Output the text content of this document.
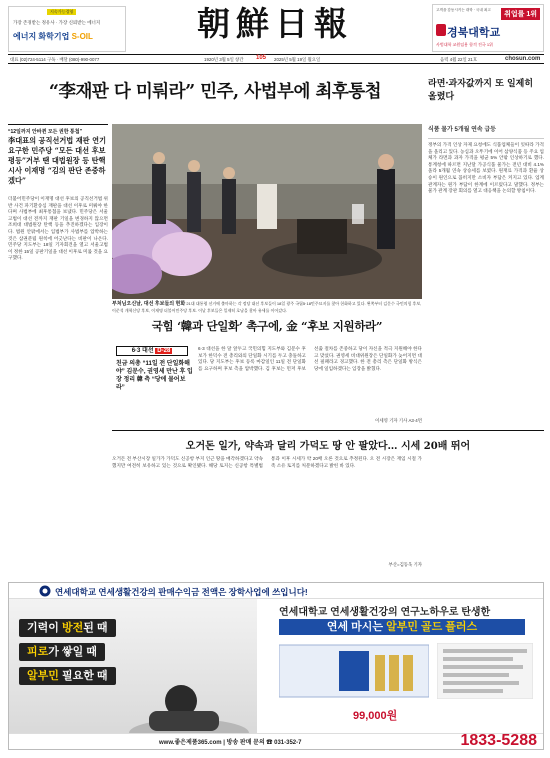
지속가능경영
가장 존경받는 정유사 · 가장 신뢰받는 에너지
에너지 화학기업 S-OIL	朝鮮日報	고객을 감동시키는 대학 · 국내 최고
취업률 1위
경북대학교
사범대학 교원임용 합격 전국 1위
대표 (02)724-5114 구독 · 배달 (080)-990-0077	1920년 3월 5일 창간 105 2025년 5월 19일 월요일	음력 4월 22일 21호	chosun.com
“李재판 다 미뤄라” 민주, 사법부에 최후통첩
“12일까지 안바뀐 모든 권한 통첩”
李대표의 공직선거법 재판 연기 요구한 민주당 “모든 대선 후보 평등”거부 땐 대법원장 등 탄핵 시사 이재명 “김의 판단 존중하겠다”
더불어민주당이 이재명 대선 후보의 공직선거법 위반 사건 파기환송심 재판을 대선 이후로 미뤄야 한다며 사법부에 최후통첩을 보냈다. 민주당은 서울고법이 대선 전까지 재판 기일을 변경하지 않으면 조희대 대법원장 탄핵 등을 추진하겠다는 입장이다. 법원 안팎에서는 입법부가 사법부를 압박하는 것은 삼권분립 원칙에 어긋난다는 비판이 나온다. 민주당 지도부는 18일 기자회견을 열고 서울고법이 정한 15일 공판기일을 대선 이후로 미룰 것을 요구했다.
부처님오신날, 대선 후보들의 현화 21대 대통령 선거에 출마하는 각 정당 대선 후보들이 18일 광주 국립5·18민주묘지를 찾아 헌화하고 있다. 왼쪽부터 김문수 국민의힘 후보, 이준석 개혁신당 후보, 이재명 더불어민주당 후보. 이날 후보들은 일제히 호남을 찾아 유세를 이어갔다.
라면·과자값까지 또 일제히 올렸다
식품 물가 5개월 연속 급등
정부의 가격 인상 자제 요청에도 식품업체들이 잇따라 가격을 올리고 있다. 농심과 오뚜기에 이어 삼양식품 등 주요 업체가 라면과 과자 가격을 평균 5% 안팎 인상하기로 했다. 통계청에 따르면 지난달 가공식품 물가는 전년 대비 4.1% 올라 5개월 연속 상승세를 보였다. 원재료 가격과 환율 상승이 원인으로 꼽히지만 소비자 부담은 커지고 있다. 업계 관계자는 원가 부담이 한계에 이르렀다고 말했다. 정부는 물가 관계 장관 회의를 열고 대응책을 논의할 방침이다.
국힘 ‘韓과 단일화’ 촉구에, 金 “후보 지원하라”
6·3 대선 D-28
친금 의총 “11일 전 단일화해야” 김문수, 권영세 만난 후 입장 정리 韓 측 “당에 물어보라”
6·3 대선을 한 달 앞두고 국민의힘 지도부와 김문수 후보가 한덕수 전 총리와의 단일화 시기를 두고 충돌하고 있다. 당 지도부는 후보 등록 마감일인 11일 전 단일화를 요구하며 후보 측을 압박했다. 김 후보는 먼저 후보 선출 절차를 존중하고 당이 자신을 적극 지원해야 한다고 맞섰다. 권영세 비대위원장은 단일화가 늦어지면 대선 필패라고 경고했다. 한 전 총리 측은 단일화 방식은 당에 일임하겠다는 입장을 밝혔다.
이세영 기자 기사 A3·4면
오거돈 일가, 약속과 달리 가덕도 땅 안 팔았다… 시세 20배 뛰어
오거돈 전 부산시장 일가가 가덕도 신공항 부지 인근 땅을 매각하겠다고 약속했지만 여전히 보유하고 있는 것으로 확인됐다. 해당 토지는 신공항 특별법 통과 이후 시세가 약 20배 오른 것으로 추정된다. 오 전 시장은 재임 시절 가족 소유 토지를 처분하겠다고 밝힌 바 있다.
부산=김동욱 기자
연세대학교 연세생활건강의 판매수익금 전액은 장학사업에 쓰입니다!
기력이 방전된 때
피로가 쌓일 때
알부민 필요한 때
연세대학교 연세생활건강의 연구노하우로 탄생한
연세 마시는 알부민 골드 플러스
99,000원
www.좋은제품365.com | 방송 판매 문의 ☎ 031-352-7	1833-5288
